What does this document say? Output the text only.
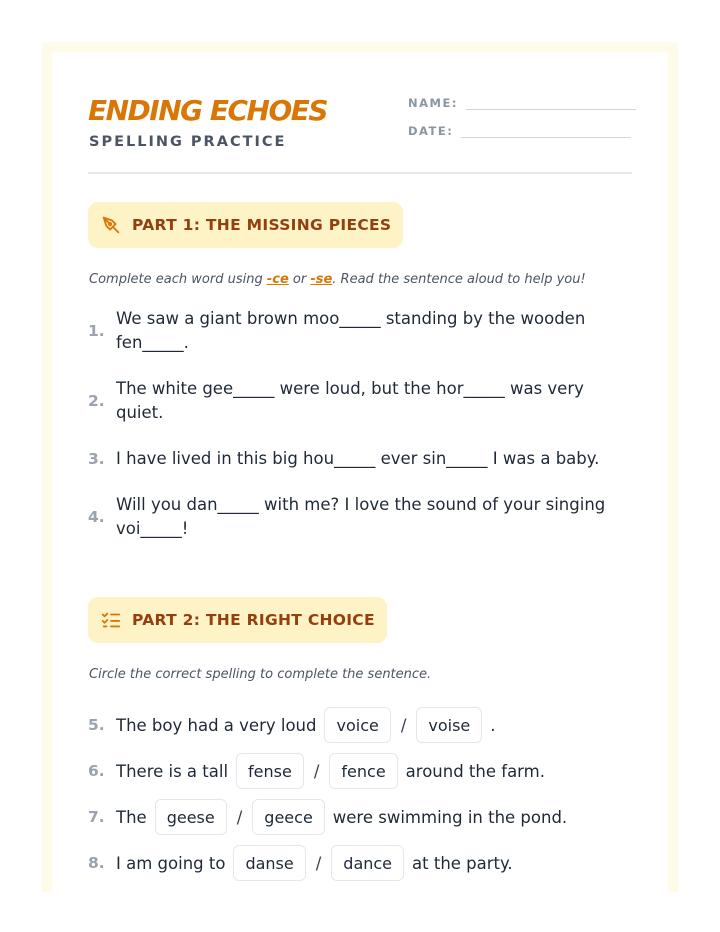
ENDING ECHOES
SPELLING PRACTICE
NAME:
DATE:
PART 1: THE MISSING PIECES
Complete each word using -ce or -se. Read the sentence aloud to help you!
1.
We saw a giant brown moo_____ standing by the wooden fen_____.
2.
The white gee_____ were loud, but the hor_____ was very quiet.
3. I have lived in this big hou_____ ever sin_____ I was a baby.
4.
Will you dan_____ with me? I love the sound of your singing voi_____!
PART 2: THE RIGHT CHOICE
Circle the correct spelling to complete the sentence.
5. The boy had a very loud	voice	/	voise	.
6. There is a tall	fense	/	fence	around the farm.
7. The	geese	/	geece	were swimming in the pond.
8. I am going to	danse	/	dance	at the party.
